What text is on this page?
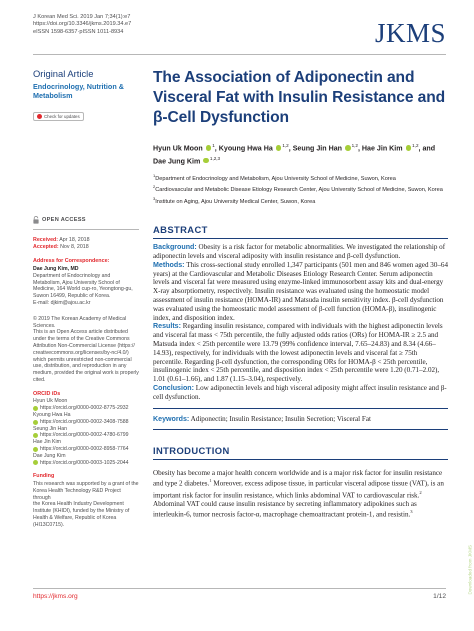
J Korean Med Sci. 2019 Jan 7;34(1):e7
https://doi.org/10.3346/jkms.2019.34.e7
eISSN 1598-6357·pISSN 1011-8934	JKMS
Original Article
Endocrinology, Nutrition & Metabolism
Check for updates
OPEN ACCESS
Received: Apr 18, 2018
Accepted: Nov 8, 2018
Address for Correspondence:
Dae Jung Kim, MD
Department of Endocrinology and
Metabolism, Ajou University School of
Medicine, 164 World cup-ro, Yeongtong-gu,
Suwon 16499, Republic of Korea.
E-mail: djkim@ajou.ac.kr
© 2019 The Korean Academy of Medical
Sciences.
This is an Open Access article distributed
under the terms of the Creative Commons
Attribution Non-Commercial License (https://
creativecommons.org/licenses/by-nc/4.0/)
which permits unrestricted non-commercial
use, distribution, and reproduction in any
medium, provided the original work is properly
cited.
ORCID iDs
Hyun Uk Moon
https://orcid.org/0000-0002-8775-2932
Kyoung Hwa Ha
https://orcid.org/0000-0002-3408-7588
Seung Jin Han
https://orcid.org/0000-0002-4780-6799
Hae Jin Kim
https://orcid.org/0000-0002-8958-7764
Dae Jung Kim
https://orcid.org/0000-0003-1025-2044
Funding
This research was supported by a grant of the
Korea Health Technology R&D Project through
the Korea Health Industry Development
Institute (KHIDI), funded by the Ministry of
Health & Welfare, Republic of Korea
(HI13C0715).
The Association of Adiponectin and Visceral Fat with Insulin Resistance and β-Cell Dysfunction
Hyun Uk Moon $^1$, Kyoung Hwa Ha $^{1,2}$, Seung Jin Han $^{1,2}$, Hae Jin Kim $^{1,2}$, and Dae Jung Kim $^{1,2,3}$
$^1$Department of Endocrinology and Metabolism, Ajou University School of Medicine, Suwon, Korea
$^2$Cardiovascular and Metabolic Disease Etiology Research Center, Ajou University School of Medicine, Suwon, Korea
$^3$Institute on Aging, Ajou University Medical Center, Suwon, Korea
ABSTRACT

Background: Obesity is a risk factor for metabolic abnormalities. We investigated the relationship of adiponectin levels and visceral adiposity with insulin resistance and β-cell dysfunction.

Methods: This cross-sectional study enrolled 1,347 participants (501 men and 846 women aged 30–64 years) at the Cardiovascular and Metabolic Diseases Etiology Research Center. Serum adiponectin levels and visceral fat were measured using enzyme-linked immunosorbent assay kits and dual-energy X-ray absorptiometry, respectively. Insulin resistance was evaluated using the homeostatic model assessment of insulin resistance (HOMA-IR) and Matsuda insulin sensitivity index. β-cell dysfunction was evaluated using the homeostatic model assessment of β-cell function (HOMA-β), insulinogenic index, and disposition index.

Results: Regarding insulin resistance, compared with individuals with the highest adiponectin levels and visceral fat mass < 75th percentile, the fully adjusted odds ratios (ORs) for HOMA-IR ≥ 2.5 and Matsuda index < 25th percentile were 13.79 (99% confidence interval, 7.65–24.83) and 8.34 (4.66–14.93), respectively, for individuals with the lowest adiponectin levels and visceral fat ≥ 75th percentile. Regarding β-cell dysfunction, the corresponding ORs for HOMA-β < 25th percentile, insulinogenic index < 25th percentile, and disposition index < 25th percentile were 1.20 (0.71–2.02), 1.01 (0.61–1.66), and 1.87 (1.15–3.04), respectively.

Conclusion: Low adiponectin levels and high visceral adiposity might affect insulin resistance and β-cell dysfunction.

Keywords: Adiponectin; Insulin Resistance; Insulin Secretion; Visceral Fat
INTRODUCTION

Obesity has become a major health concern worldwide and is a major risk factor for insulin resistance and type 2 diabetes.$^1$ Moreover, excess adipose tissue, in particular visceral adipose tissue (VAT), is an important risk factor for insulin resistance, which links abdominal VAT to cardiovascular risk.$^2$ Abdominal VAT could cause insulin resistance by secreting inflammatory adipokines such as interleukin-6, tumor necrosis factor-α, macrophage chemoattractant protein-1, and resistin.$^3$

Downloaded from JKMS
https://jkms.org	1/12
